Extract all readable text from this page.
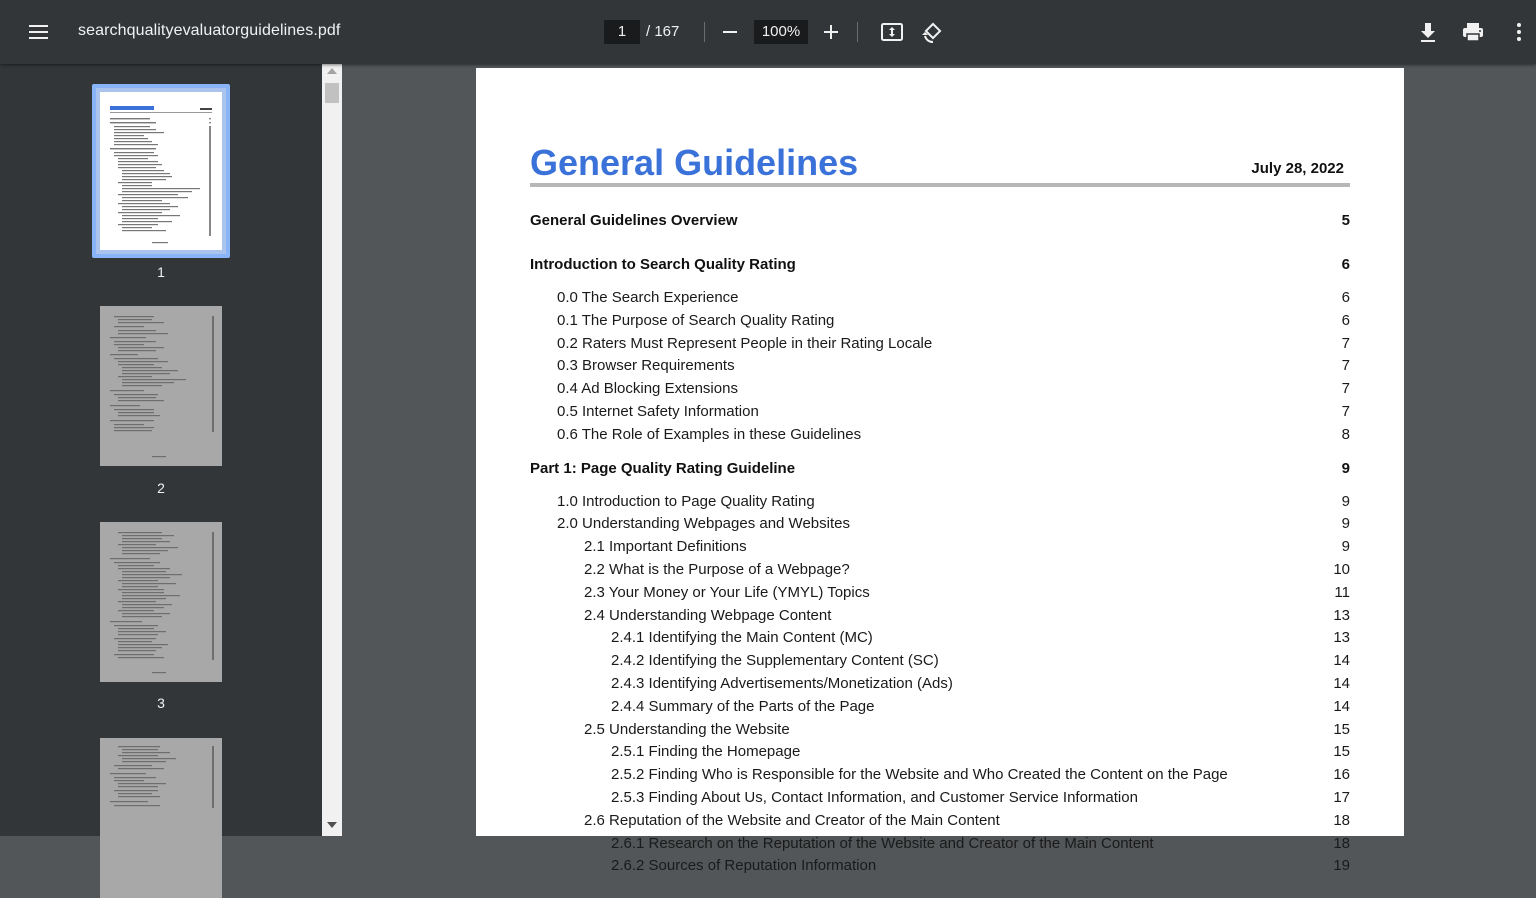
searchqualityevaluatorguidelines.pdf	1	/ 167	100%
1
2
3
General Guidelines	July 28, 2022
General Guidelines Overview	5
Introduction to Search Quality Rating	6
0.0 The Search Experience	6
0.1 The Purpose of Search Quality Rating	6
0.2 Raters Must Represent People in their Rating Locale	7
0.3 Browser Requirements	7
0.4 Ad Blocking Extensions	7
0.5 Internet Safety Information	7
0.6 The Role of Examples in these Guidelines	8
Part 1: Page Quality Rating Guideline	9
1.0 Introduction to Page Quality Rating	9
2.0 Understanding Webpages and Websites	9
2.1 Important Definitions	9
2.2 What is the Purpose of a Webpage?	10
2.3 Your Money or Your Life (YMYL) Topics	11
2.4 Understanding Webpage Content	13
2.4.1 Identifying the Main Content (MC)	13
2.4.2 Identifying the Supplementary Content (SC)	14
2.4.3 Identifying Advertisements/Monetization (Ads)	14
2.4.4 Summary of the Parts of the Page	14
2.5 Understanding the Website	15
2.5.1 Finding the Homepage	15
2.5.2 Finding Who is Responsible for the Website and Who Created the Content on the Page	16
2.5.3 Finding About Us, Contact Information, and Customer Service Information	17
2.6 Reputation of the Website and Creator of the Main Content	18
2.6.1 Research on the Reputation of the Website and Creator of the Main Content	18
2.6.2 Sources of Reputation Information	19
